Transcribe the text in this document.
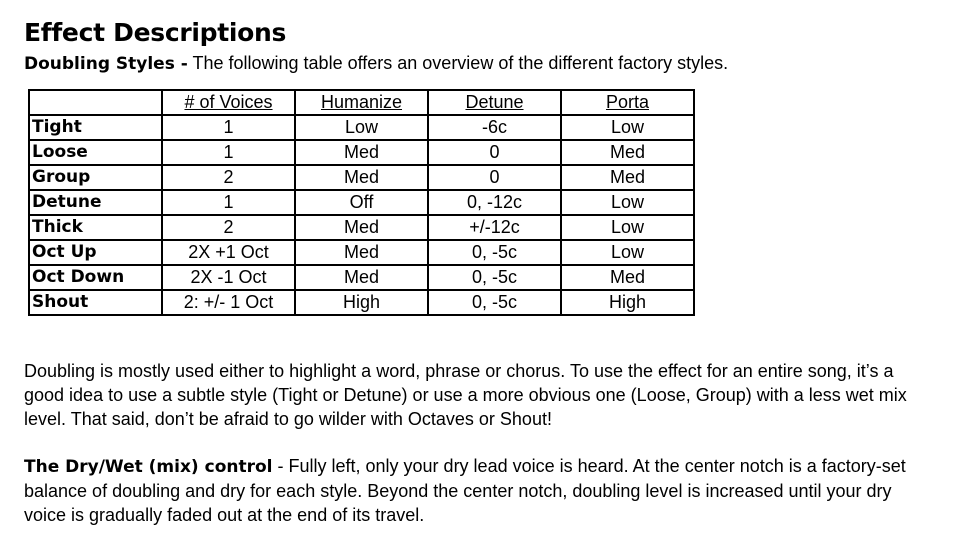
Effect Descriptions

Doubling Styles - The following table offers an overview of the different factory styles.

	# of Voices	Humanize	Detune	Porta
Tight	1	Low	-6c	Low
Loose	1	Med	0	Med
Group	2	Med	0	Med
Detune	1	Off	0, -12c	Low
Thick	2	Med	+/-12c	Low
Oct Up	2X +1 Oct	Med	0, -5c	Low
Oct Down	2X -1 Oct	Med	0, -5c	Med
Shout	2: +/- 1 Oct	High	0, -5c	High

Doubling is mostly used either to highlight a word, phrase or chorus. To use the effect for an entire song, it’s a good idea to use a subtle style (Tight or Detune) or use a more obvious one (Loose, Group) with a less wet mix level. That said, don’t be afraid to go wilder with Octaves or Shout!

The Dry/Wet (mix) control - Fully left, only your dry lead voice is heard. At the center notch is a factory-set balance of doubling and dry for each style. Beyond the center notch, doubling level is increased until your dry voice is gradually faded out at the end of its travel.
